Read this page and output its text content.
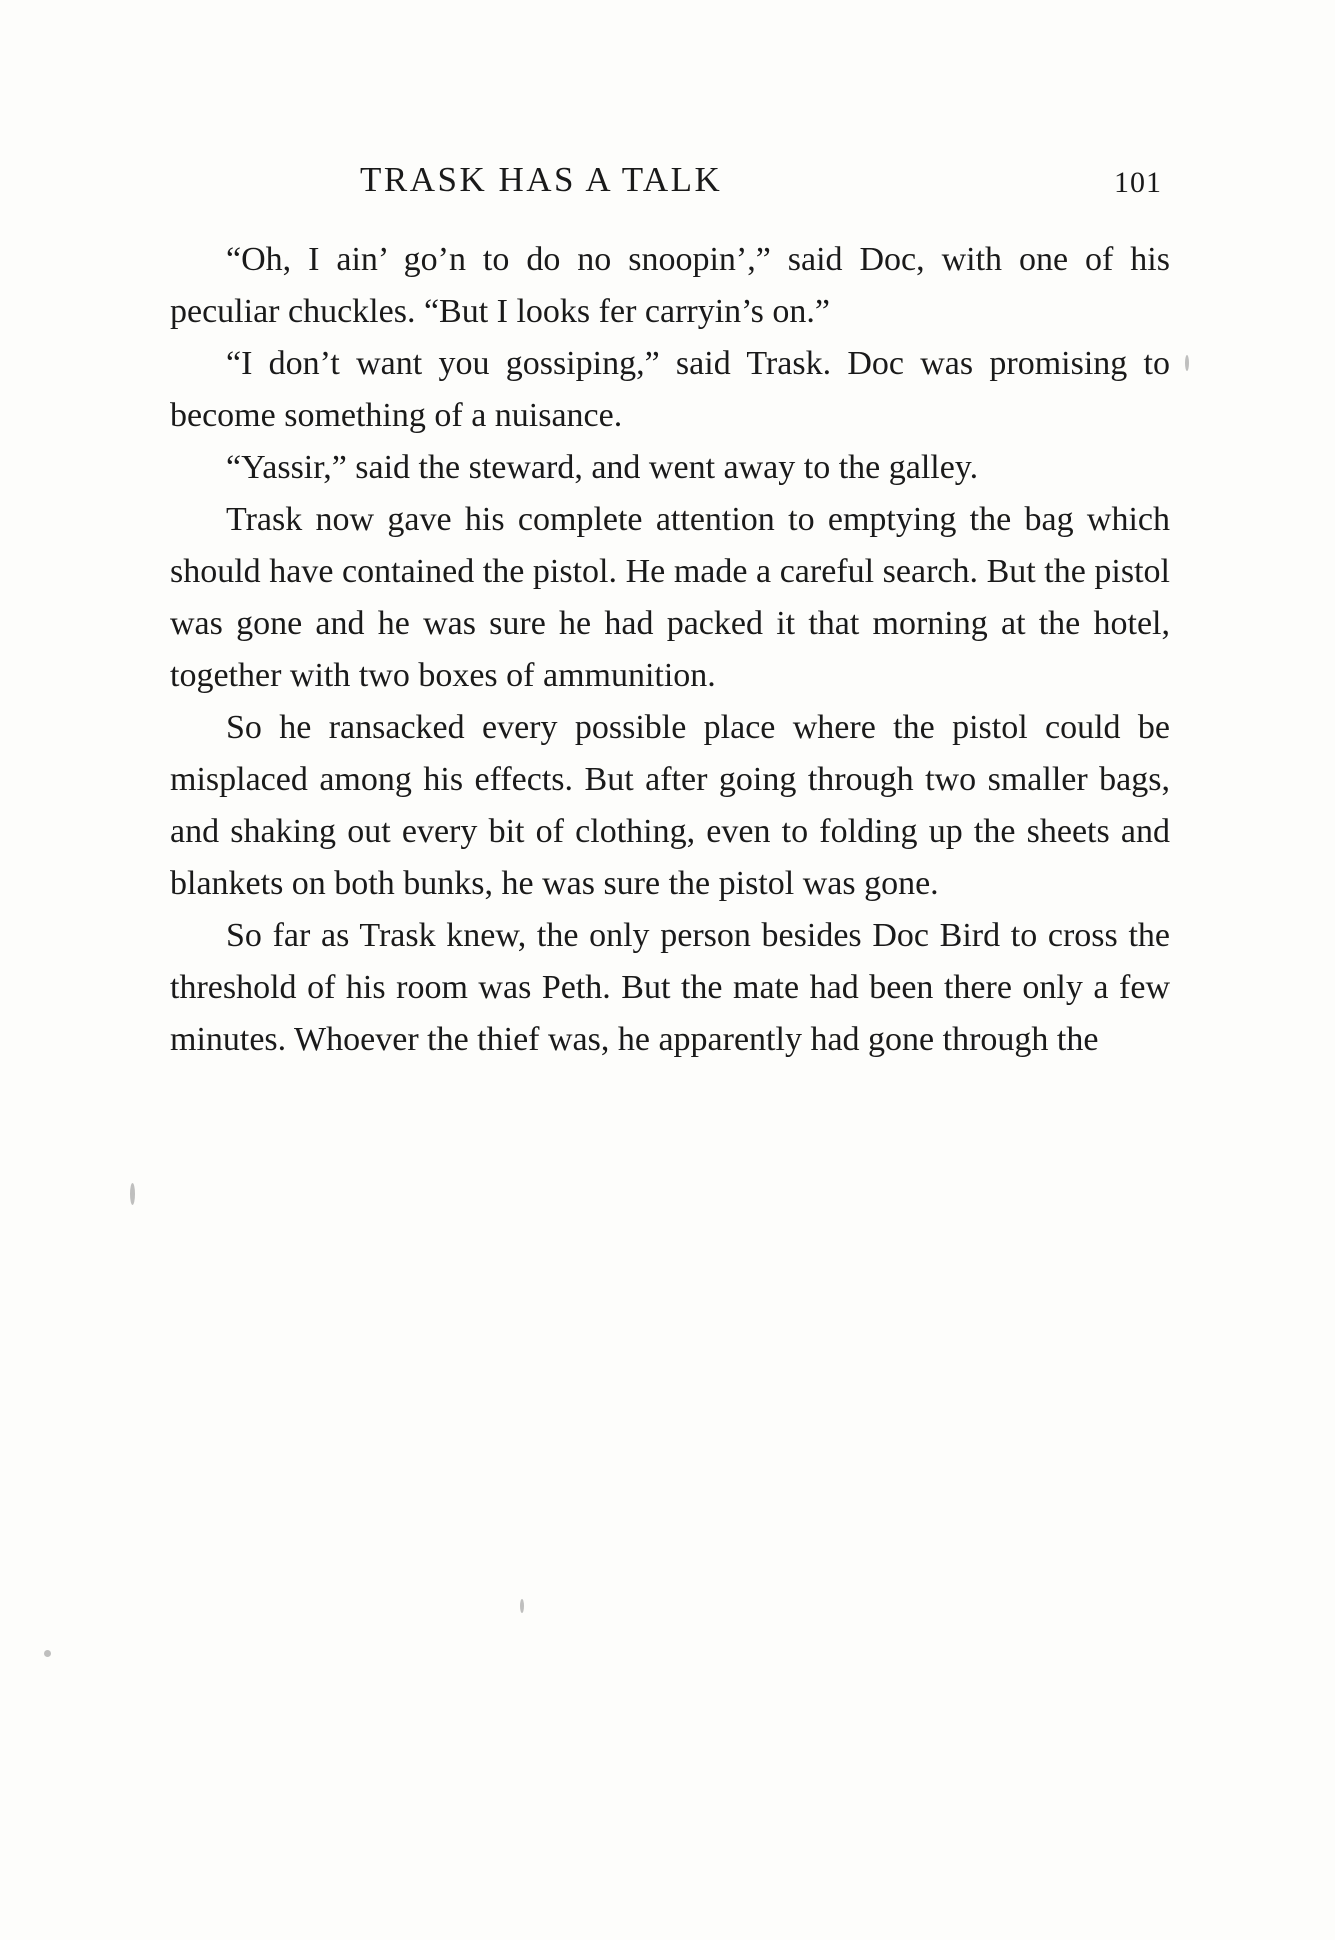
TRASK HAS A TALK	101

“Oh, I ain’ go’n to do no snoopin’,” said Doc, with one of his peculiar chuckles. “But I looks fer carryin’s on.”

“I don’t want you gossiping,” said Trask. Doc was promising to become something of a nuisance.

“Yassir,” said the steward, and went away to the galley.

Trask now gave his complete attention to emptying the bag which should have contained the pistol. He made a careful search. But the pistol was gone and he was sure he had packed it that morning at the hotel, together with two boxes of ammunition.

So he ransacked every possible place where the pistol could be misplaced among his effects. But after going through two smaller bags, and shaking out every bit of clothing, even to folding up the sheets and blankets on both bunks, he was sure the pistol was gone.

So far as Trask knew, the only person besides Doc Bird to cross the threshold of his room was Peth. But the mate had been there only a few minutes. Whoever the thief was, he apparently had gone through the
